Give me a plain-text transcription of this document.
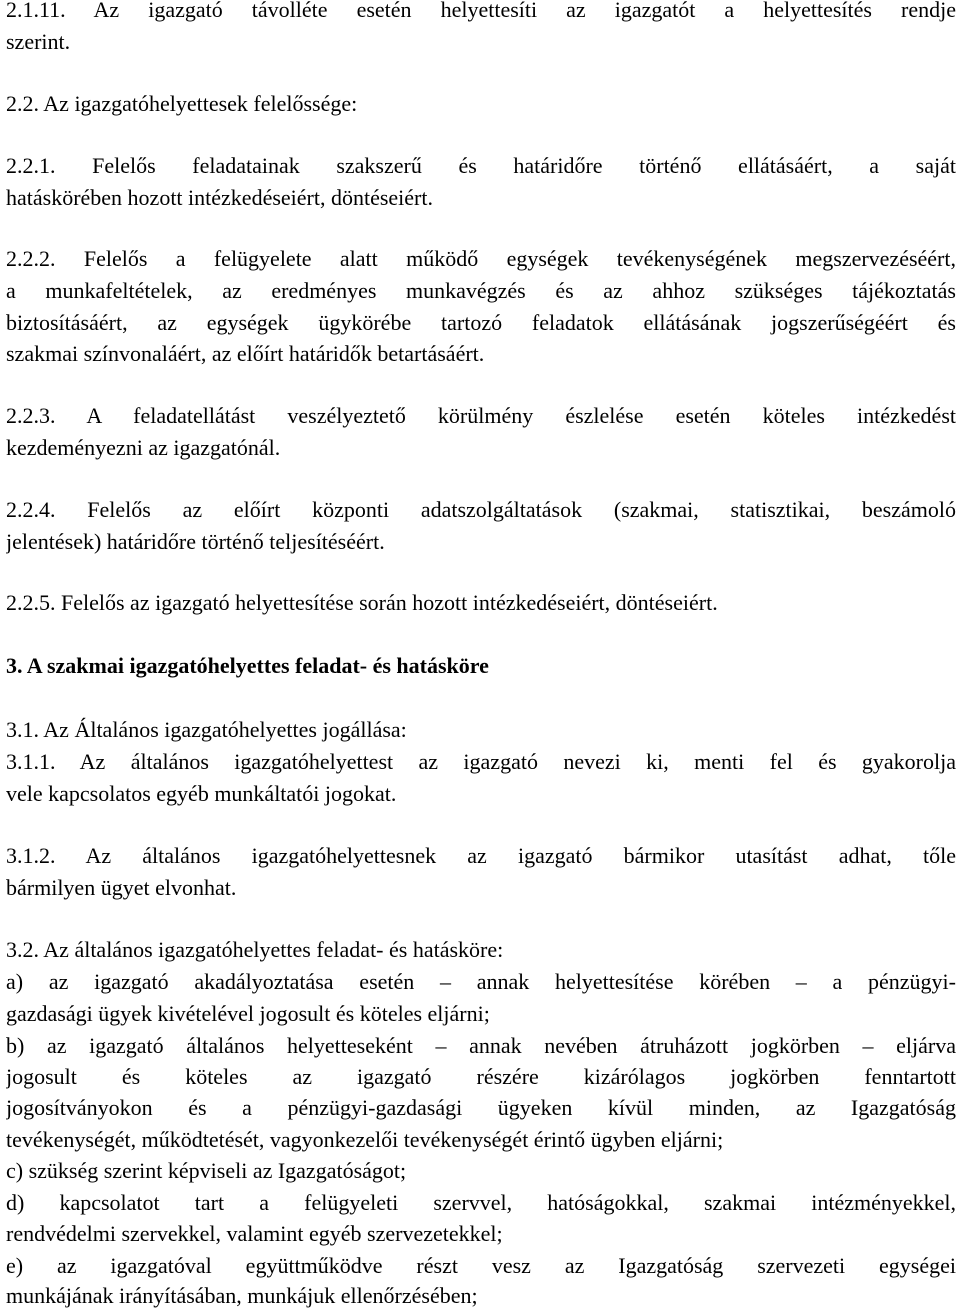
2.1.11. Az igazgató távolléte esetén helyettesíti az igazgatót a helyettesítés rendje
szerint.
2.2. Az igazgatóhelyettesek felelőssége:
2.2.1. Felelős feladatainak szakszerű és határidőre történő ellátásáért, a saját
hatáskörében hozott intézkedéseiért, döntéseiért.
2.2.2. Felelős a felügyelete alatt működő egységek tevékenységének megszervezéséért,
a munkafeltételek, az eredményes munkavégzés és az ahhoz szükséges tájékoztatás
biztosításáért, az egységek ügykörébe tartozó feladatok ellátásának jogszerűségéért és
szakmai színvonaláért, az előírt határidők betartásáért.
2.2.3. A feladatellátást veszélyeztető körülmény észlelése esetén köteles intézkedést
kezdeményezni az igazgatónál.
2.2.4. Felelős az előírt központi adatszolgáltatások (szakmai, statisztikai, beszámoló
jelentések) határidőre történő teljesítéséért.
2.2.5. Felelős az igazgató helyettesítése során hozott intézkedéseiért, döntéseiért.
3. A szakmai igazgatóhelyettes feladat- és hatásköre
3.1. Az Általános igazgatóhelyettes jogállása:
3.1.1. Az általános igazgatóhelyettest az igazgató nevezi ki, menti fel és gyakorolja
vele kapcsolatos egyéb munkáltatói jogokat.
3.1.2. Az általános igazgatóhelyettesnek az igazgató bármikor utasítást adhat, tőle
bármilyen ügyet elvonhat.
3.2. Az általános igazgatóhelyettes feladat- és hatásköre:
a) az igazgató akadályoztatása esetén – annak helyettesítése körében – a pénzügyi-
gazdasági ügyek kivételével jogosult és köteles eljárni;
b) az igazgató általános helyetteseként – annak nevében átruházott jogkörben – eljárva
jogosult és köteles az igazgató részére kizárólagos jogkörben fenntartott
jogosítványokon és a pénzügyi-gazdasági ügyeken kívül minden, az Igazgatóság
tevékenységét, működtetését, vagyonkezelői tevékenységét érintő ügyben eljárni;
c) szükség szerint képviseli az Igazgatóságot;
d) kapcsolatot tart a felügyeleti szervvel, hatóságokkal, szakmai intézményekkel,
rendvédelmi szervekkel, valamint egyéb szervezetekkel;
e) az igazgatóval együttműködve részt vesz az Igazgatóság szervezeti egységei
munkájának irányításában, munkájuk ellenőrzésében;
